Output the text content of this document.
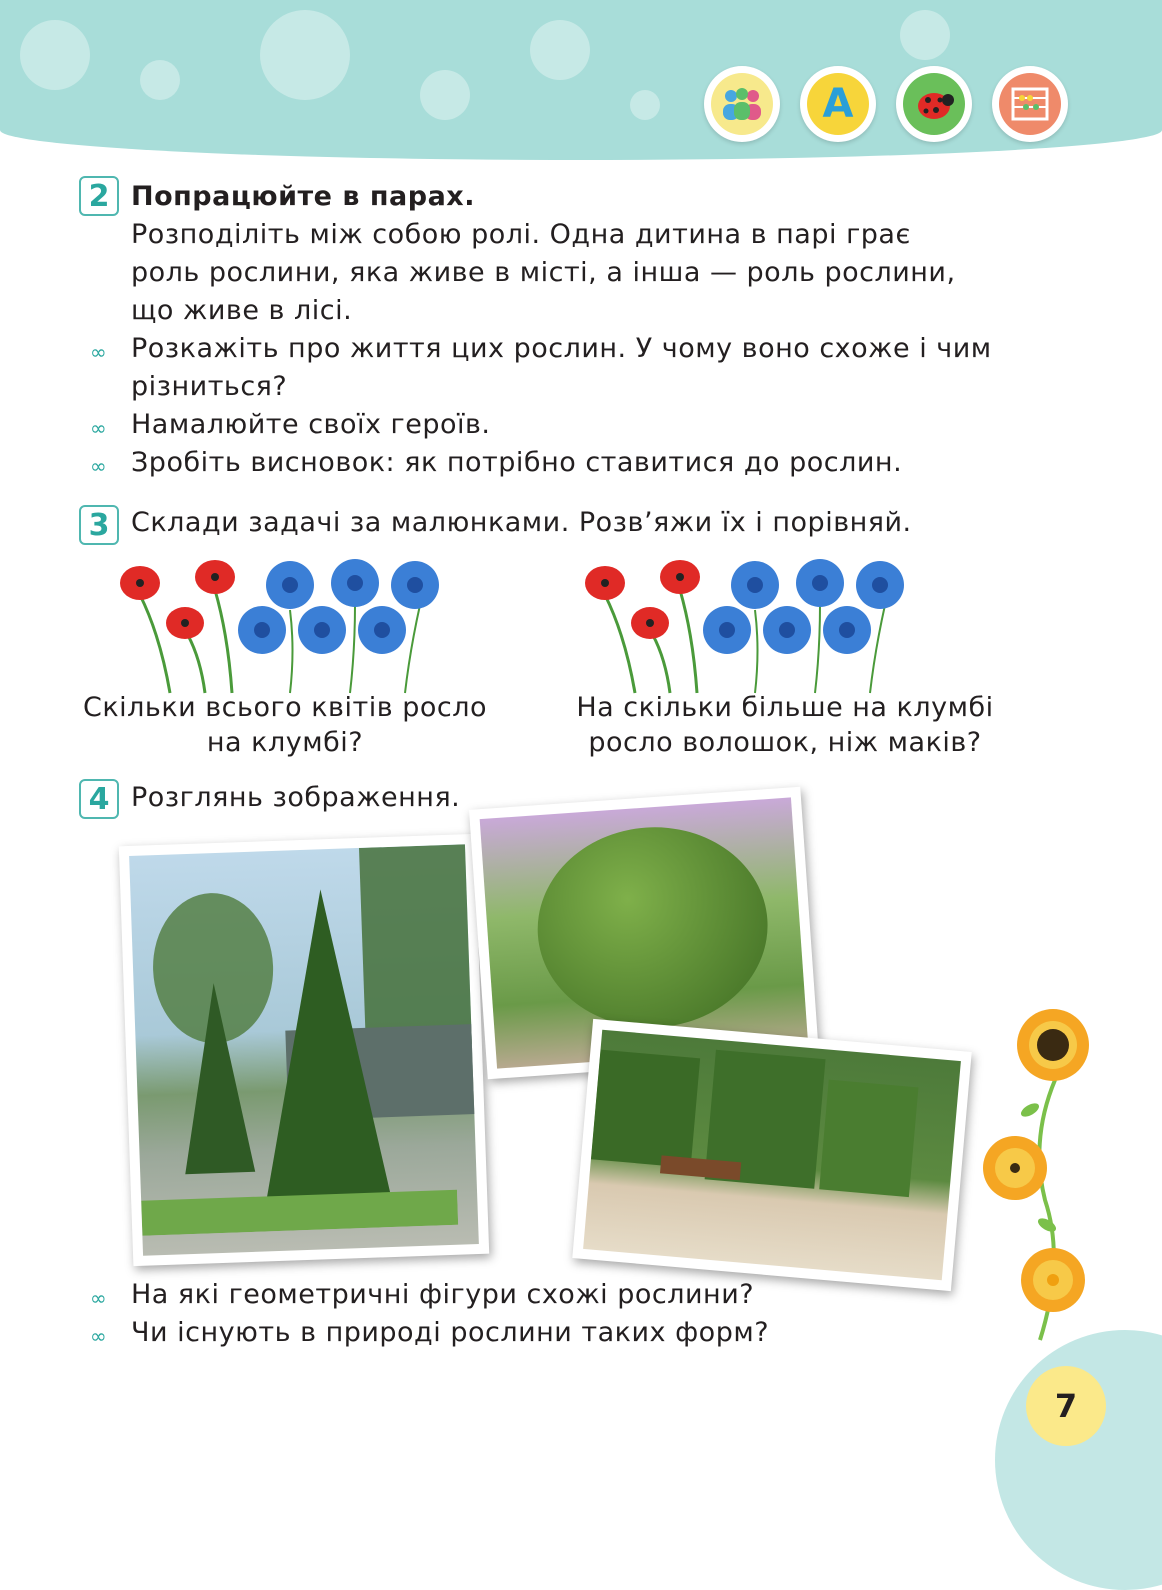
A
2 Попрацюйте в парах.
Розподіліть між собою ролі. Одна дитина в парі грає
роль рослини, яка живе в місті, а інша — роль рослини,
що живе в лісі.
∞ Розкажіть про життя цих рослин. У чому воно схоже і чим
різниться?
∞ Намалюйте своїх героїв.
∞ Зробіть висновок: як потрібно ставитися до рослин.
3 Склади задачі за малюнками. Розв’яжи їх і порівняй.
Скільки всього квітів росло
на клумбі?
На скільки більше на клумбі
росло волошок, ніж маків?
4 Розглянь зображення.
∞ На які геометричні фігури схожі рослини?
∞ Чи існують в природі рослини таких форм?
7
